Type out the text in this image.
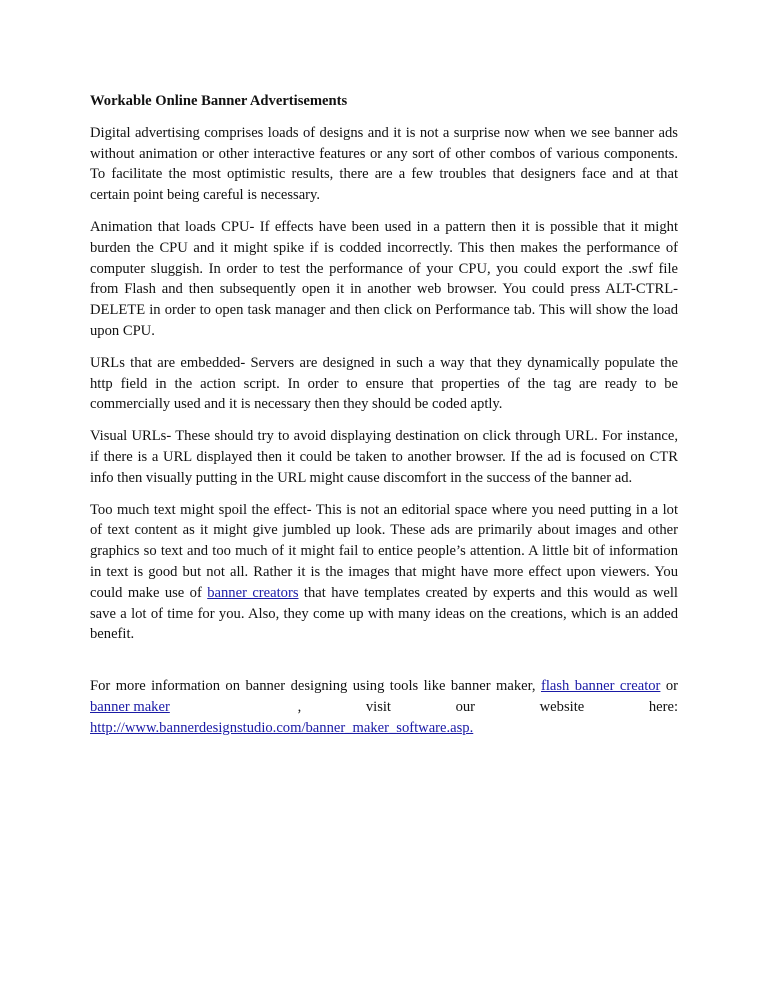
Workable Online Banner Advertisements

Digital advertising comprises loads of designs and it is not a surprise now when we see banner ads without animation or other interactive features or any sort of other combos of various components. To facilitate the most optimistic results, there are a few troubles that designers face and at that certain point being careful is necessary.

Animation that loads CPU- If effects have been used in a pattern then it is possible that it might burden the CPU and it might spike if is codded incorrectly. This then makes the performance of computer sluggish. In order to test the performance of your CPU, you could export the .swf file from Flash and then subsequently open it in another web browser. You could press ALT-CTRL-DELETE in order to open task manager and then click on Performance tab. This will show the load upon CPU.

URLs that are embedded- Servers are designed in such a way that they dynamically populate the http field in the action script. In order to ensure that properties of the tag are ready to be commercially used and it is necessary then they should be coded aptly.

Visual URLs- These should try to avoid displaying destination on click through URL. For instance, if there is a URL displayed then it could be taken to another browser. If the ad is focused on CTR info then visually putting in the URL might cause discomfort in the success of the banner ad.

Too much text might spoil the effect- This is not an editorial space where you need putting in a lot of text content as it might give jumbled up look. These ads are primarily about images and other graphics so text and too much of it might fail to entice people’s attention. A little bit of information in text is good but not all. Rather it is the images that might have more effect upon viewers. You could make use of banner creators that have templates created by experts and this would as well save a lot of time for you. Also, they come up with many ideas on the creations, which is an added benefit.

For more information on banner designing using tools like banner maker, flash banner creator or
banner maker	,	visit	our	website	here:
http://www.bannerdesignstudio.com/banner_maker_software.asp.
